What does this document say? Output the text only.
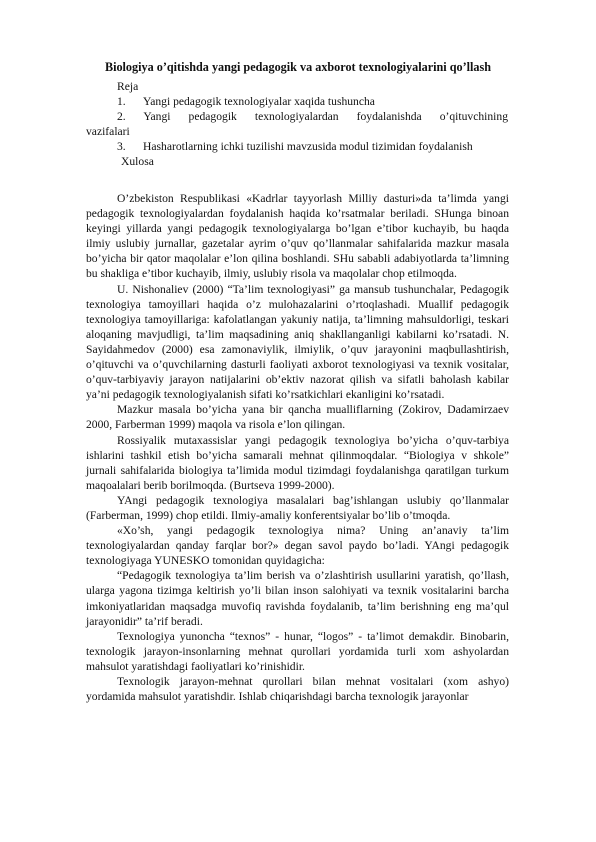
Biologiya o’qitishda yangi pedagogik va axborot texnologiyalarini qo’llash
Reja
1. Yangi pedagogik texnologiyalar xaqida tushuncha
2. Yangi pedagogik texnologiyalardan foydalanishda o’qituvchining
vazifalari
3. Hasharotlarning ichki tuzilishi mavzusida modul tizimidan foydalanish
Xulosa

O’zbekiston Respublikasi «Kadrlar tayyorlash Milliy dasturi»da ta’limda yangi pedagogik texnologiyalardan foydalanish haqida ko’rsatmalar beriladi. SHunga binoan keyingi yillarda yangi pedagogik texnologiyalarga bo’lgan e’tibor kuchayib, bu haqda ilmiy uslubiy jurnallar, gazetalar ayrim o’quv qo’llanmalar sahifalarida mazkur masala bo’yicha bir qator maqolalar e’lon qilina boshlandi. SHu sababli adabiyotlarda ta’limning bu shakliga e’tibor kuchayib, ilmiy, uslubiy risola va maqolalar chop etilmoqda.

U. Nishonaliev (2000) “Ta’lim texnologiyasi” ga mansub tushunchalar, Pedagogik texnologiya tamoyillari haqida o’z mulohazalarini o’rtoqlashadi. Muallif pedagogik texnologiya tamoyillariga: kafolatlangan yakuniy natija, ta’limning mahsuldorligi, teskari aloqaning mavjudligi, ta’lim maqsadining aniq shakllanganligi kabilarni ko’rsatadi. N. Sayidahmedov (2000) esa zamonaviylik, ilmiylik, o’quv jarayonini maqbullashtirish, o’qituvchi va o’quvchilarning dasturli faoliyati axborot texnologiyasi va texnik vositalar, o’quv-tarbiyaviy jarayon natijalarini ob’ektiv nazorat qilish va sifatli baholash kabilar ya’ni pedagogik texnologiyalanish sifati ko’rsatkichlari ekanligini ko’rsatadi.

Mazkur masala bo’yicha yana bir qancha mualliflarning (Zokirov, Dadamirzaev 2000, Farberman 1999) maqola va risola e’lon qilingan.

Rossiyalik mutaxassislar yangi pedagogik texnologiya bo’yicha o’quv-tarbiya ishlarini tashkil etish bo’yicha samarali mehnat qilinmoqdalar. “Biologiya v shkole” jurnali sahifalarida biologiya ta’limida modul tizimdagi foydalanishga qaratilgan turkum maqoalalari berib borilmoqda. (Burtseva 1999-2000).

YAngi pedagogik texnologiya masalalari bag’ishlangan uslubiy qo’llanmalar (Farberman, 1999) chop etildi. Ilmiy-amaliy konferentsiyalar bo’lib o’tmoqda.

«Xo’sh, yangi pedagogik texnologiya nima? Uning an’anaviy ta’lim texnologiyalardan qanday farqlar bor?» degan savol paydo bo’ladi. YAngi pedagogik texnologiyaga YUNESKO tomonidan quyidagicha:

“Pedagogik texnologiya ta’lim berish va o’zlashtirish usullarini yaratish, qo’llash, ularga yagona tizimga keltirish yo’li bilan inson salohiyati va texnik vositalarini barcha imkoniyatlaridan maqsadga muvofiq ravishda foydalanib, ta’lim berishning eng ma’qul jarayonidir” ta’rif beradi.

Texnologiya yunoncha “texnos” - hunar, “logos” - ta’limot demakdir. Binobarin, texnologik jarayon-insonlarning mehnat qurollari yordamida turli xom ashyolardan mahsulot yaratishdagi faoliyatlari ko’rinishidir.

Texnologik jarayon-mehnat qurollari bilan mehnat vositalari (xom ashyo) yordamida mahsulot yaratishdir. Ishlab chiqarishdagi barcha texnologik jarayonlar
